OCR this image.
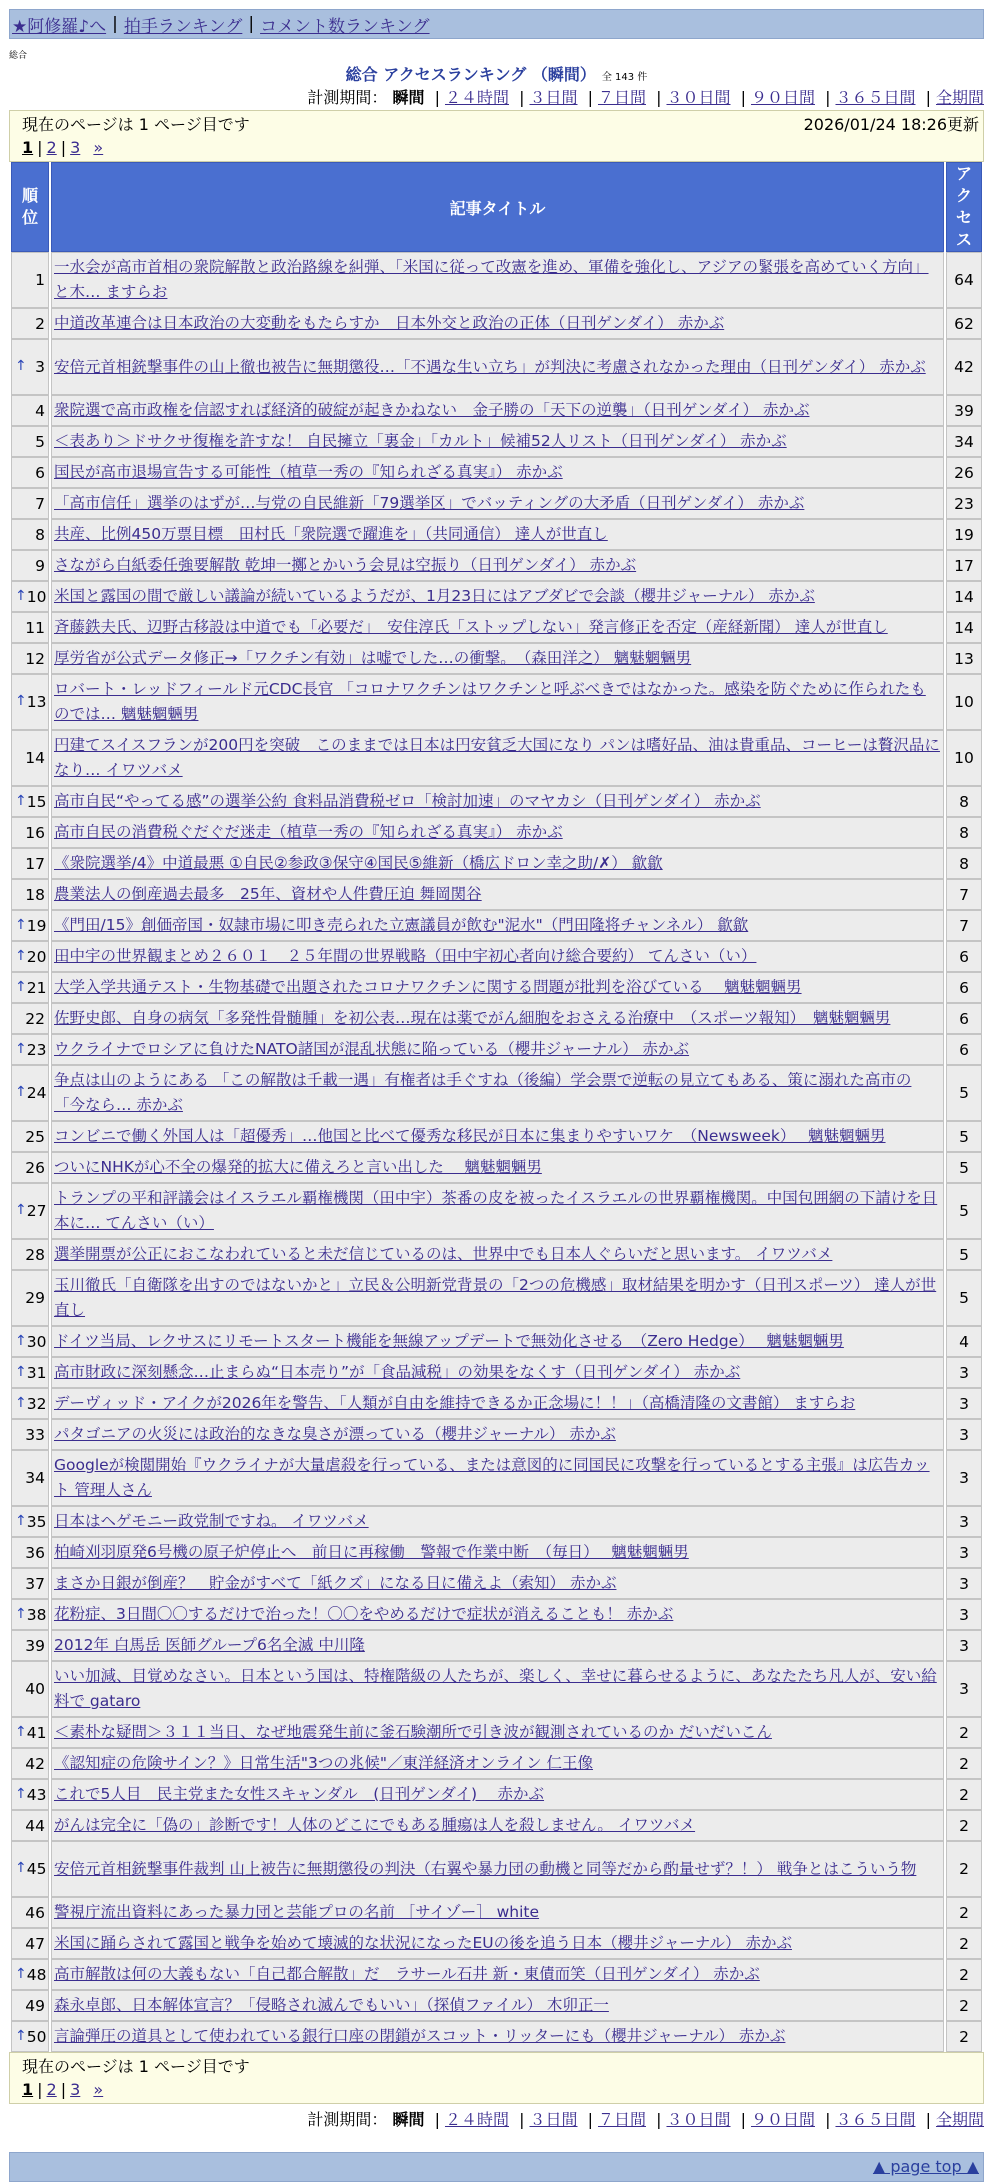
★阿修羅♪へ | 拍手ランキング | コメント数ランキング
総合
総合 アクセスランキング （瞬間） 全 143 件
計測期間： 瞬間 | ２４時間 | ３日間 | ７日間 | ３０日間 | ９０日間 | ３６５日間 | 全期間
現在のページは 1 ページ目です	2026/01/24 18:26更新
1 | 2 | 3 »
順位	記事タイトル	アクセス
1	一水会が高市首相の衆院解散と政治路線を糾弾、「米国に従って改憲を進め、軍備を強化し、アジアの緊張を高めていく方向」と木… ますらお	64
2	中道改革連合は日本政治の大変動をもたらすか　日本外交と政治の正体（日刊ゲンダイ） 赤かぶ	62

↑ 3	安倍元首相銃撃事件の山上徹也被告に無期懲役…「不遇な生い立ち」が判決に考慮されなかった理由（日刊ゲンダイ） 赤かぶ	42
4	衆院選で高市政権を信認すれば経済的破綻が起きかねない　金子勝の「天下の逆襲」（日刊ゲンダイ） 赤かぶ	39
5	＜表あり＞ドサクサ復権を許すな！ 自民擁立「裏金」「カルト」候補52人リスト（日刊ゲンダイ） 赤かぶ	34
6	国民が高市退場宣告する可能性（植草一秀の『知られざる真実』） 赤かぶ	26
7	「高市信任」選挙のはずが…与党の自民維新「79選挙区」でバッティングの大矛盾（日刊ゲンダイ） 赤かぶ	23
8	共産、比例450万票目標　田村氏「衆院選で躍進を」（共同通信） 達人が世直し	19
9	さながら白紙委任強要解散 乾坤一擲とかいう会見は空振り（日刊ゲンダイ） 赤かぶ	17

↑ 10	米国と露国の間で厳しい議論が続いているようだが、1月23日にはアブダビで会談（櫻井ジャーナル） 赤かぶ	14
11	斉藤鉄夫氏、辺野古移設は中道でも「必要だ」　安住淳氏「ストップしない」発言修正を否定（産経新聞） 達人が世直し	14
12	厚労省が公式データ修正→「ワクチン有効」は嘘でした…の衝撃。　（森田洋之） 魑魅魍魎男	13

↑ 13	ロバート・レッドフィールド元CDC長官 「コロナワクチンはワクチンと呼ぶべきではなかった。感染を防ぐために作られたものでは… 魑魅魍魎男	10
14	円建てスイスフランが200円を突破　このままでは日本は円安貧乏大国になり パンは嗜好品、油は貴重品、コーヒーは贅沢品になり… イワツバメ	10

↑ 15	高市自民“やってる感”の選挙公約 食料品消費税ゼロ「検討加速」のマヤカシ（日刊ゲンダイ） 赤かぶ	8
16	高市自民の消費税ぐだぐだ迷走（植草一秀の『知られざる真実』） 赤かぶ	8
17	《衆院選挙/4》中道最悪 ①自民②参政③保守④国民⑤維新（橋広ドロン幸之助/✗） 歙歙	8
18	農業法人の倒産過去最多　25年、資材や人件費圧迫 舞岡関谷	7

↑ 19	《門田/15》創価帝国・奴隷市場に叩き売られた立憲議員が飲む"泥水"（門田隆将チャンネル） 歙歙	7

↑ 20	田中宇の世界観まとめ２６０１　２５年間の世界戦略（田中宇初心者向け総合要約） てんさい（い）	6

↑ 21	大学入学共通テスト・生物基礎で出題されたコロナワクチンに関する問題が批判を浴びている　 魑魅魍魎男	6
22	佐野史郎、自身の病気「多発性骨髄腫」を初公表…現在は薬でがん細胞をおさえる治療中　（スポーツ報知）　魑魅魍魎男	6

↑ 23	ウクライナでロシアに負けたNATO諸国が混乱状態に陥っている（櫻井ジャーナル） 赤かぶ	6

↑ 24	争点は山のようにある 「この解散は千載一遇」有権者は手ぐすね（後編）学会票で逆転の見立てもある、策に溺れた高市の「今なら… 赤かぶ	5
25	コンビニで働く外国人は「超優秀」…他国と比べて優秀な移民が日本に集まりやすいワケ　（Newsweek）　 魑魅魍魎男	5
26	ついにNHKが心不全の爆発的拡大に備えろと言い出した　 魑魅魍魎男	5

↑ 27	トランプの平和評議会はイスラエル覇権機関（田中宇）茶番の皮を被ったイスラエルの世界覇権機関。中国包囲網の下請けを日本に… てんさい（い）	5
28	選挙開票が公正におこなわれていると未だ信じているのは、世界中でも日本人ぐらいだと思います。 イワツバメ	5
29	玉川徹氏「自衛隊を出すのではないかと」立民＆公明新党背景の「2つの危機感」取材結果を明かす（日刊スポーツ） 達人が世直し	5

↑ 30	ドイツ当局、レクサスにリモートスタート機能を無線アップデートで無効化させる　（Zero Hedge）　 魑魅魍魎男	4

↑ 31	高市財政に深刻懸念…止まらぬ“日本売り”が「食品減税」の効果をなくす（日刊ゲンダイ） 赤かぶ	3

↑ 32	デーヴィッド・アイクが2026年を警告、「人類が自由を維持できるか正念場に！！」（高橋清隆の文書館） ますらお	3
33	パタゴニアの火災には政治的なきな臭さが漂っている（櫻井ジャーナル） 赤かぶ	3
34	Googleが検閲開始『ウクライナが大量虐殺を行っている、または意図的に同国民に攻撃を行っているとする主張』は広告カット 管理人さん	3

↑ 35	日本はヘゲモニー政党制ですね。 イワツバメ	3
36	柏崎刈羽原発6号機の原子炉停止へ　前日に再稼働　警報で作業中断　（毎日）　 魑魅魍魎男	3
37	まさか日銀が倒産？　貯金がすべて「紙クズ」になる日に備えよ（索知） 赤かぶ	3

↑ 38	花粉症、3日間〇〇するだけで治った！〇〇をやめるだけで症状が消えることも！ 赤かぶ	3
39	2012年 白馬岳 医師グループ6名全滅 中川隆	3
40	いい加減、目覚めなさい。日本という国は、特権階級の人たちが、楽しく、幸せに暮らせるように、あなたたち凡人が、安い給料で gataro	3

↑ 41	＜素朴な疑問＞３１１当日、なぜ地震発生前に釜石験潮所で引き波が観測されているのか だいだいこん	2
42	《認知症の危険サイン？》日常生活"3つの兆候"／東洋経済オンライン 仁王像	2

↑ 43	これで5人目　民主党また女性スキャンダル　(日刊ゲンダイ)　 赤かぶ	2
44	がんは完全に「偽の」診断です！人体のどこにでもある腫瘍は人を殺しません。 イワツバメ	2

↑ 45	安倍元首相銃撃事件裁判 山上被告に無期懲役の判決（右翼や暴力団の動機と同等だから酌量せず？！） 戦争とはこういう物	2
46	警視庁流出資料にあった暴力団と芸能プロの名前 ［サイゾー］ white	2
47	米国に踊らされて露国と戦争を始めて壊滅的な状況になったEUの後を追う日本（櫻井ジャーナル） 赤かぶ	2

↑ 48	高市解散は何の大義もない「自己都合解散」だ　ラサール石井 新・東債而笑（日刊ゲンダイ） 赤かぶ	2
49	森永卓郎、日本解体宣言？「侵略され滅んでもいい」（探偵ファイル） 木卯正一	2

↑ 50	言論弾圧の道具として使われている銀行口座の閉鎖がスコット・リッターにも（櫻井ジャーナル） 赤かぶ	2
現在のページは 1 ページ目です
1 | 2 | 3 »
計測期間： 瞬間 | ２４時間 | ３日間 | ７日間 | ３０日間 | ９０日間 | ３６５日間 | 全期間
▲ page top ▲
